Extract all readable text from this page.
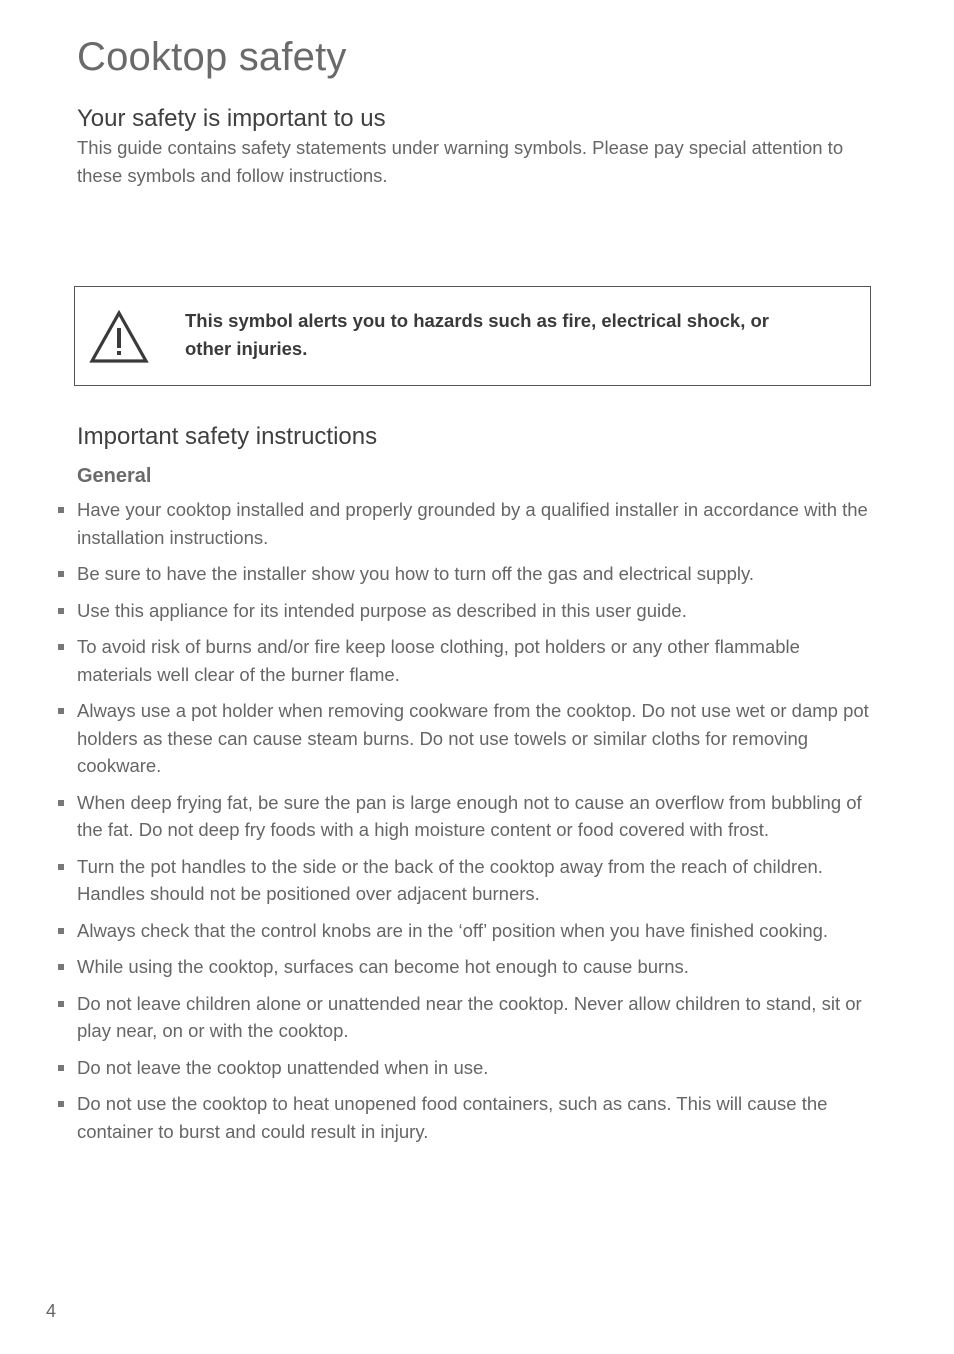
Cooktop safety
Your safety is important to us

This guide contains safety statements under warning symbols. Please pay special attention to these symbols and follow instructions.

This symbol alerts you to hazards such as fire, electrical shock, or other injuries.

Important safety instructions
General
Have your cooktop installed and properly grounded by a qualified installer in accordance with the installation instructions.
Be sure to have the installer show you how to turn off the gas and electrical supply.
Use this appliance for its intended purpose as described in this user guide.
To avoid risk of burns and/or fire keep loose clothing, pot holders or any other flammable materials well clear of the burner flame.
Always use a pot holder when removing cookware from the cooktop. Do not use wet or damp pot holders as these can cause steam burns. Do not use towels or similar cloths for removing cookware.
When deep frying fat, be sure the pan is large enough not to cause an overflow from bubbling of the fat. Do not deep fry foods with a high moisture content or food covered with frost.
Turn the pot handles to the side or the back of the cooktop away from the reach of children. Handles should not be positioned over adjacent burners.
Always check that the control knobs are in the ‘off’ position when you have finished cooking.
While using the cooktop, surfaces can become hot enough to cause burns.
Do not leave children alone or unattended near the cooktop. Never allow children to stand, sit or play near, on or with the cooktop.
Do not leave the cooktop unattended when in use.
Do not use the cooktop to heat unopened food containers, such as cans. This will cause the container to burst and could result in injury.
4
